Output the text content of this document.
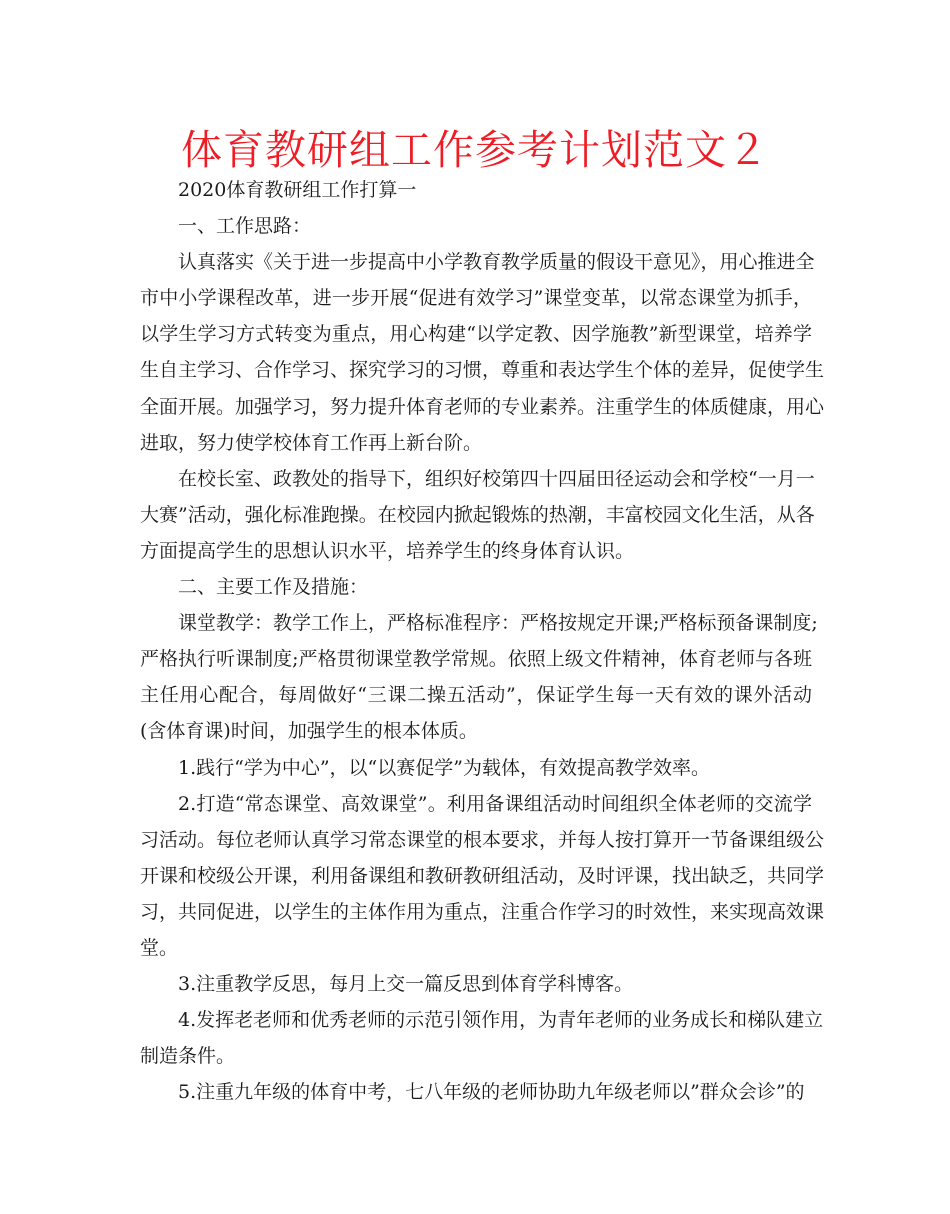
体育教研组工作参考计划范文２
2020体育教研组工作打算一
一、工作思路：
认真落实《关于进一步提高中小学教育教学质量的假设干意见》，用心推进全
市中小学课程改革，进一步开展“促进有效学习”课堂变革，以常态课堂为抓手，
以学生学习方式转变为重点，用心构建“以学定教、因学施教”新型课堂，培养学
生自主学习、合作学习、探究学习的习惯，尊重和表达学生个体的差异，促使学生
全面开展。加强学习，努力提升体育老师的专业素养。注重学生的体质健康，用心
进取，努力使学校体育工作再上新台阶。
在校长室、政教处的指导下，组织好校第四十四届田径运动会和学校“一月一
大赛”活动，强化标准跑操。在校园内掀起锻炼的热潮，丰富校园文化生活，从各
方面提高学生的思想认识水平，培养学生的终身体育认识。
二、主要工作及措施：
课堂教学：教学工作上，严格标准程序：严格按规定开课;严格标预备课制度;
严格执行听课制度;严格贯彻课堂教学常规。依照上级文件精神，体育老师与各班
主任用心配合，每周做好“三课二操五活动”，保证学生每一天有效的课外活动
(含体育课)时间，加强学生的根本体质。
1.践行“学为中心”，以“以赛促学”为载体，有效提高教学效率。
2.打造“常态课堂、高效课堂”。利用备课组活动时间组织全体老师的交流学
习活动。每位老师认真学习常态课堂的根本要求，并每人按打算开一节备课组级公
开课和校级公开课，利用备课组和教研教研组活动，及时评课，找出缺乏，共同学
习，共同促进，以学生的主体作用为重点，注重合作学习的时效性，来实现高效课
堂。
3.注重教学反思，每月上交一篇反思到体育学科博客。
4.发挥老老师和优秀老师的示范引领作用，为青年老师的业务成长和梯队建立
制造条件。
5.注重九年级的体育中考，七八年级的老师协助九年级老师以”群众会诊”的
